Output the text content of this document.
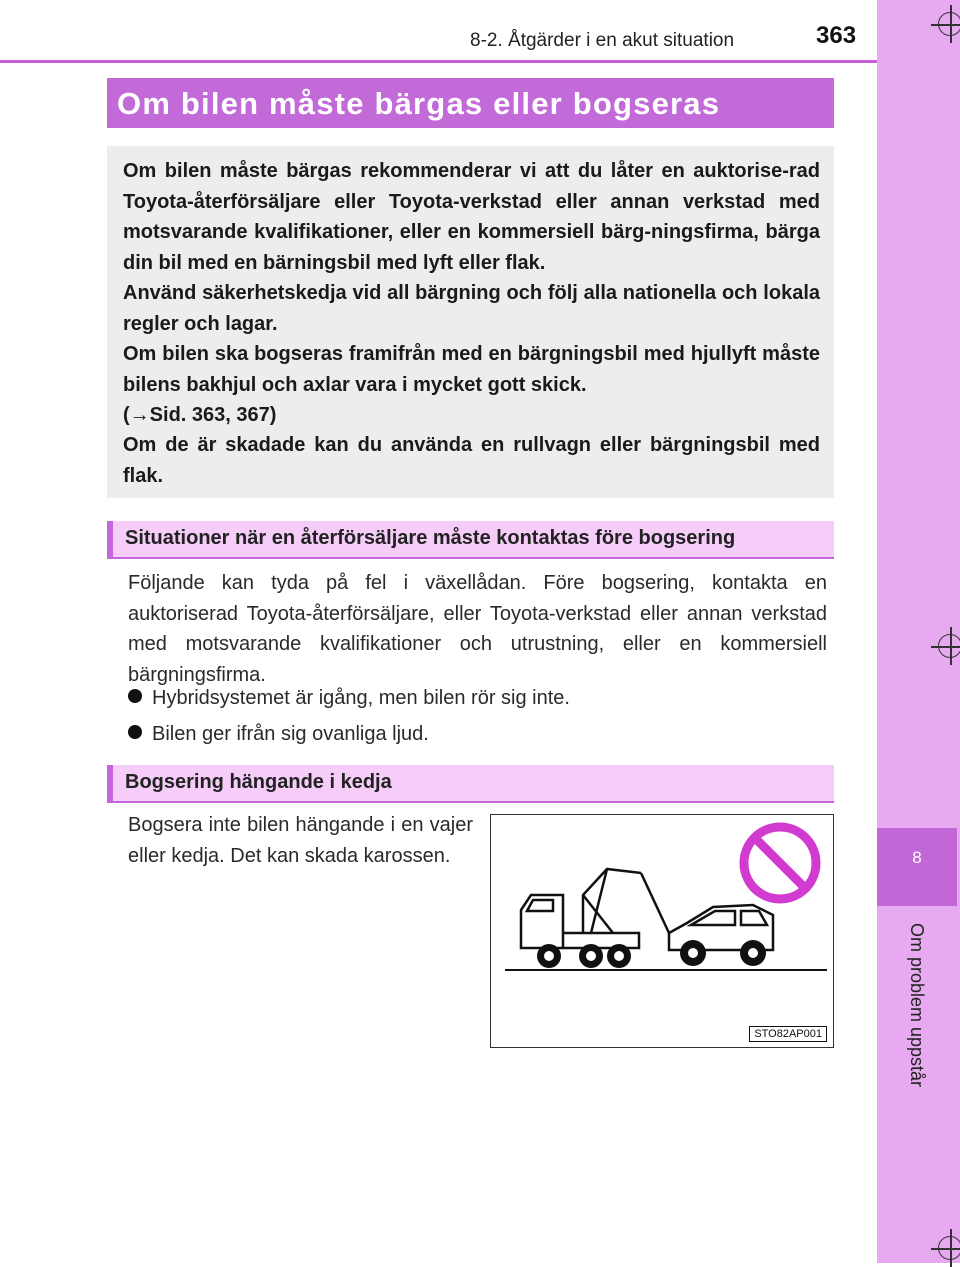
8-2. Åtgärder i en akut situation	363
8
Om problem uppstår
Om bilen måste bärgas eller bogseras

Om bilen måste bärgas rekommenderar vi att du låter en auktorise-rad Toyota-återförsäljare eller Toyota-verkstad eller annan verkstad med motsvarande kvalifikationer, eller en kommersiell bärg-ningsfirma, bärga din bil med en bärningsbil med lyft eller flak.

Använd säkerhetskedja vid all bärgning och följ alla nationella och lokala regler och lagar.

Om bilen ska bogseras framifrån med en bärgningsbil med hjullyft måste bilens bakhjul och axlar vara i mycket gott skick.

(→Sid. 363, 367)

Om de är skadade kan du använda en rullvagn eller bärgningsbil med flak.

Situationer när en återförsäljare måste kontaktas före bogsering

Följande kan tyda på fel i växellådan. Före bogsering, kontakta en auktoriserad Toyota-återförsäljare, eller Toyota-verkstad eller annan verkstad med motsvarande kvalifikationer och utrustning, eller en kommersiell bärgningsfirma.

Hybridsystemet är igång, men bilen rör sig inte.
Bilen ger ifrån sig ovanliga ljud.
Bogsering hängande i kedja

Bogsera inte bilen hängande i en vajer eller kedja. Det kan skada karossen.

STO82AP001
